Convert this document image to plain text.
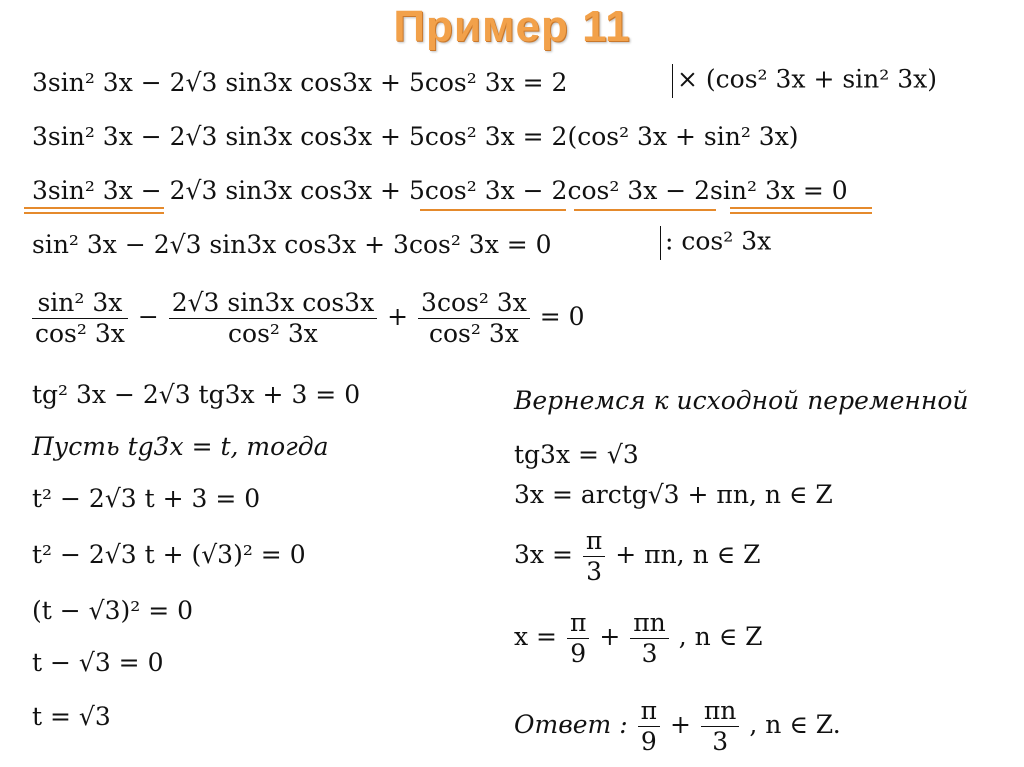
Пример 11
3sin² 3x − 2√3 sin3x cos3x + 5cos² 3x = 2	× (cos² 3x + sin² 3x)
3sin² 3x − 2√3 sin3x cos3x + 5cos² 3x = 2(cos² 3x + sin² 3x)
3sin² 3x − 2√3 sin3x cos3x + 5cos² 3x − 2cos² 3x − 2sin² 3x = 0
sin² 3x − 2√3 sin3x cos3x + 3cos² 3x = 0	: cos² 3x
$\frac{\text{sin² 3x}}{\text{cos² 3x}} - \frac{\text{2√3 sin3x cos3x}}{\text{cos² 3x}} + \frac{\text{3cos² 3x}}{\text{cos² 3x}} = 0$
tg² 3x − 2√3 tg3x + 3 = 0
Пусть tg3x = t, тогда
t² − 2√3 t + 3 = 0
t² − 2√3 t + (√3)² = 0
(t − √3)² = 0
t − √3 = 0
t = √3
Вернемся к исходной переменной
tg3x = √3
3x = arctg√3 + πn, n ∈ Z
$3x = \frac{\pi}{3} + \pi n$, n ∈ Z
$x = \frac{\pi}{9} + \frac{\pi n}{3}$ , n ∈ Z
Ответ : $\frac{\pi}{9} + \frac{\pi n}{3}$ , n ∈ Z.
